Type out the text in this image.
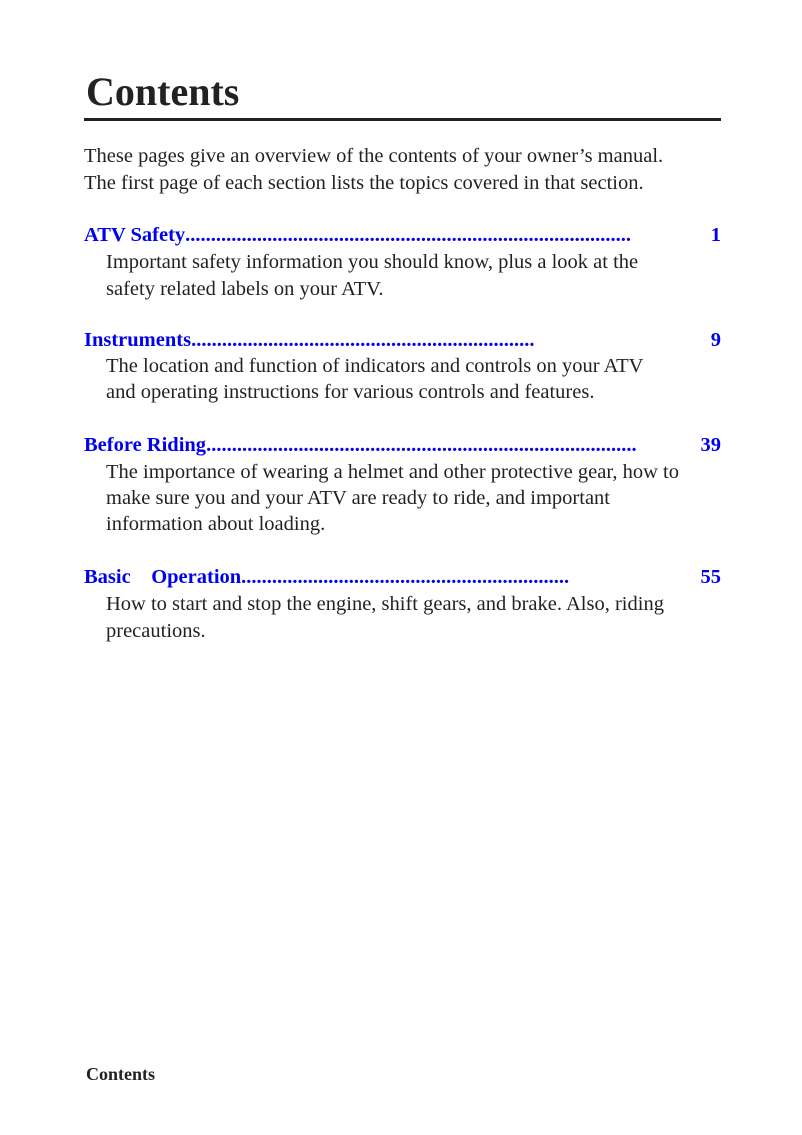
Contents
These pages give an overview of the contents of your owner’s manual.
The first page of each section lists the topics covered in that section.
ATV Safety .......................................................................................	1
Important safety information you should know, plus a look at the
safety related labels on your ATV.
Instruments ...................................................................	9
The location and function of indicators and controls on your ATV
and operating instructions for various controls and features.
Before Riding ....................................................................................	39
The importance of wearing a helmet and other protective gear, how to
make sure you and your ATV are ready to ride, and important
information about loading.
Basic    Operation ................................................................	55
How to start and stop the engine, shift gears, and brake. Also, riding
precautions.
Contents
